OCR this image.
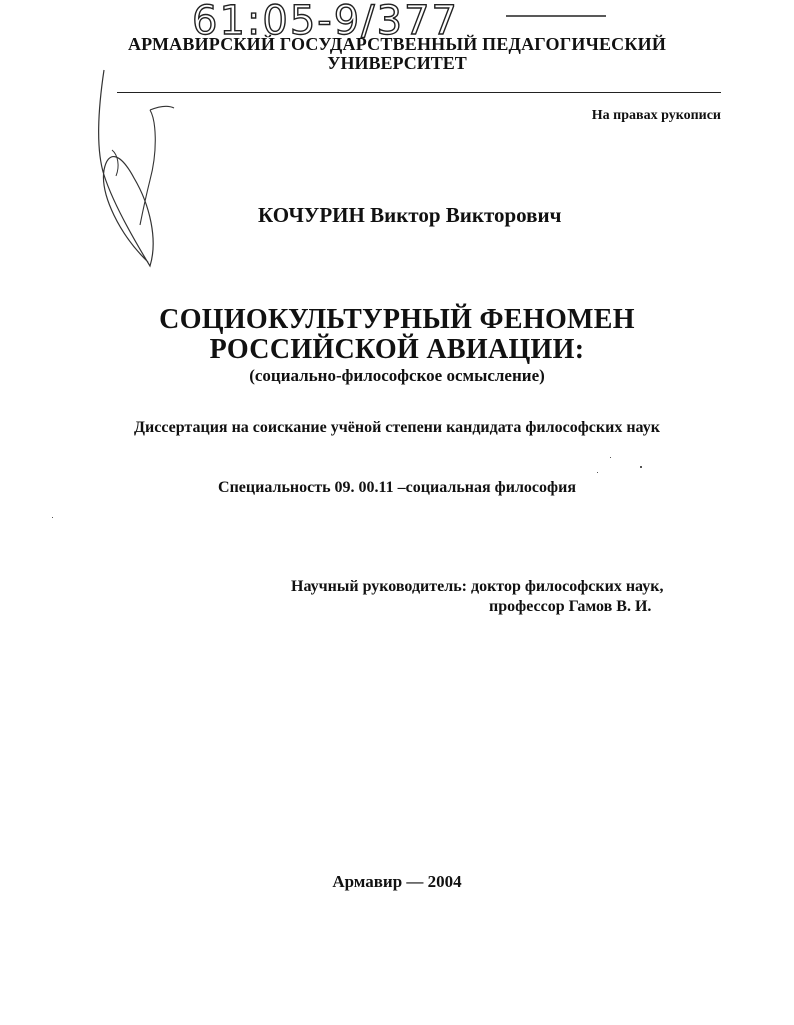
61:05-9/377
АРМАВИРСКИЙ ГОСУДАРСТВЕННЫЙ ПЕДАГОГИЧЕСКИЙ
УНИВЕРСИТЕТ
На правах рукописи
КОЧУРИН Виктор Викторович
СОЦИОКУЛЬТУРНЫЙ ФЕНОМЕН
РОССИЙСКОЙ АВИАЦИИ:
(социально-философское осмысление)
Диссертация на соискание учёной степени кандидата философских наук
Специальность 09. 00.11 –социальная философия
Научный руководитель: доктор философских наук,
профессор Гамов В. И.
Армавир — 2004
